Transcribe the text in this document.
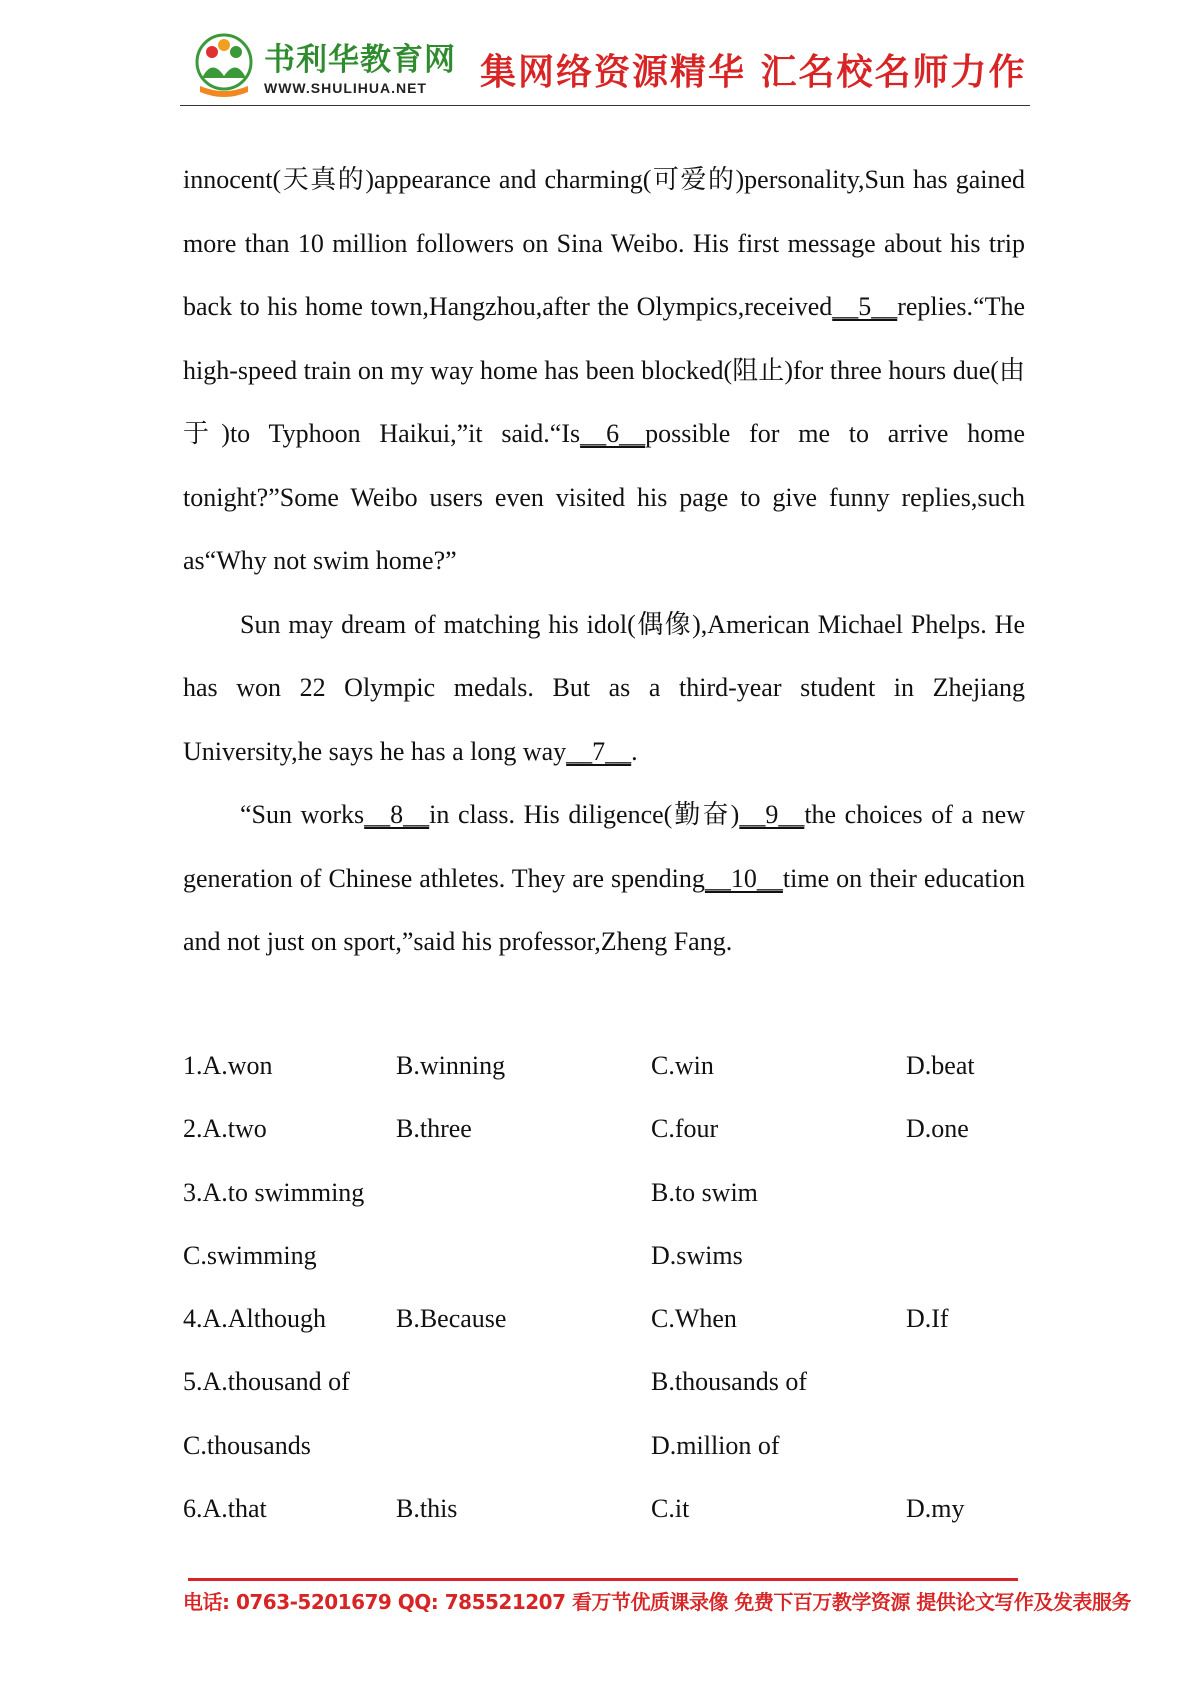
书利华教育网
WWW.SHULIHUA.NET 集网络资源精华 汇名校名师力作

innocent(天真的)appearance and charming(可爱的)personality,Sun has gained more than 10 million followers on Sina Weibo. His first message about his trip back to his home town,Hangzhou,after the Olympics,received__5__replies.“The high-speed train on my way home has been blocked(阻止)for three hours due(由于)to Typhoon Haikui,”it said.“Is__6__possible for me to arrive home tonight?”Some Weibo users even visited his page to give funny replies,such as“Why not swim home?”

Sun may dream of matching his idol(偶像),American Michael Phelps. He has won 22 Olympic medals. But as a third-year student in Zhejiang University,he says he has a long way__7__.

“Sun works__8__in class. His diligence(勤奋)__9__the choices of a new generation of Chinese athletes. They are spending__10__time on their education and not just on sport,”said his professor,Zheng Fang.

1.A.won	B.winning	C.win	D.beat
2.A.two	B.three	C.four	D.one
3.A.to swimming	B.to swim
C.swimming	D.swims
4.A.Although	B.Because	C.When	D.If
5.A.thousand of	B.thousands of
C.thousands	D.million of
6.A.that	B.this	C.it	D.my
电话: 0763-5201679 QQ: 785521207 看万节优质课录像 免费下百万教学资源 提供论文写作及发表服务
